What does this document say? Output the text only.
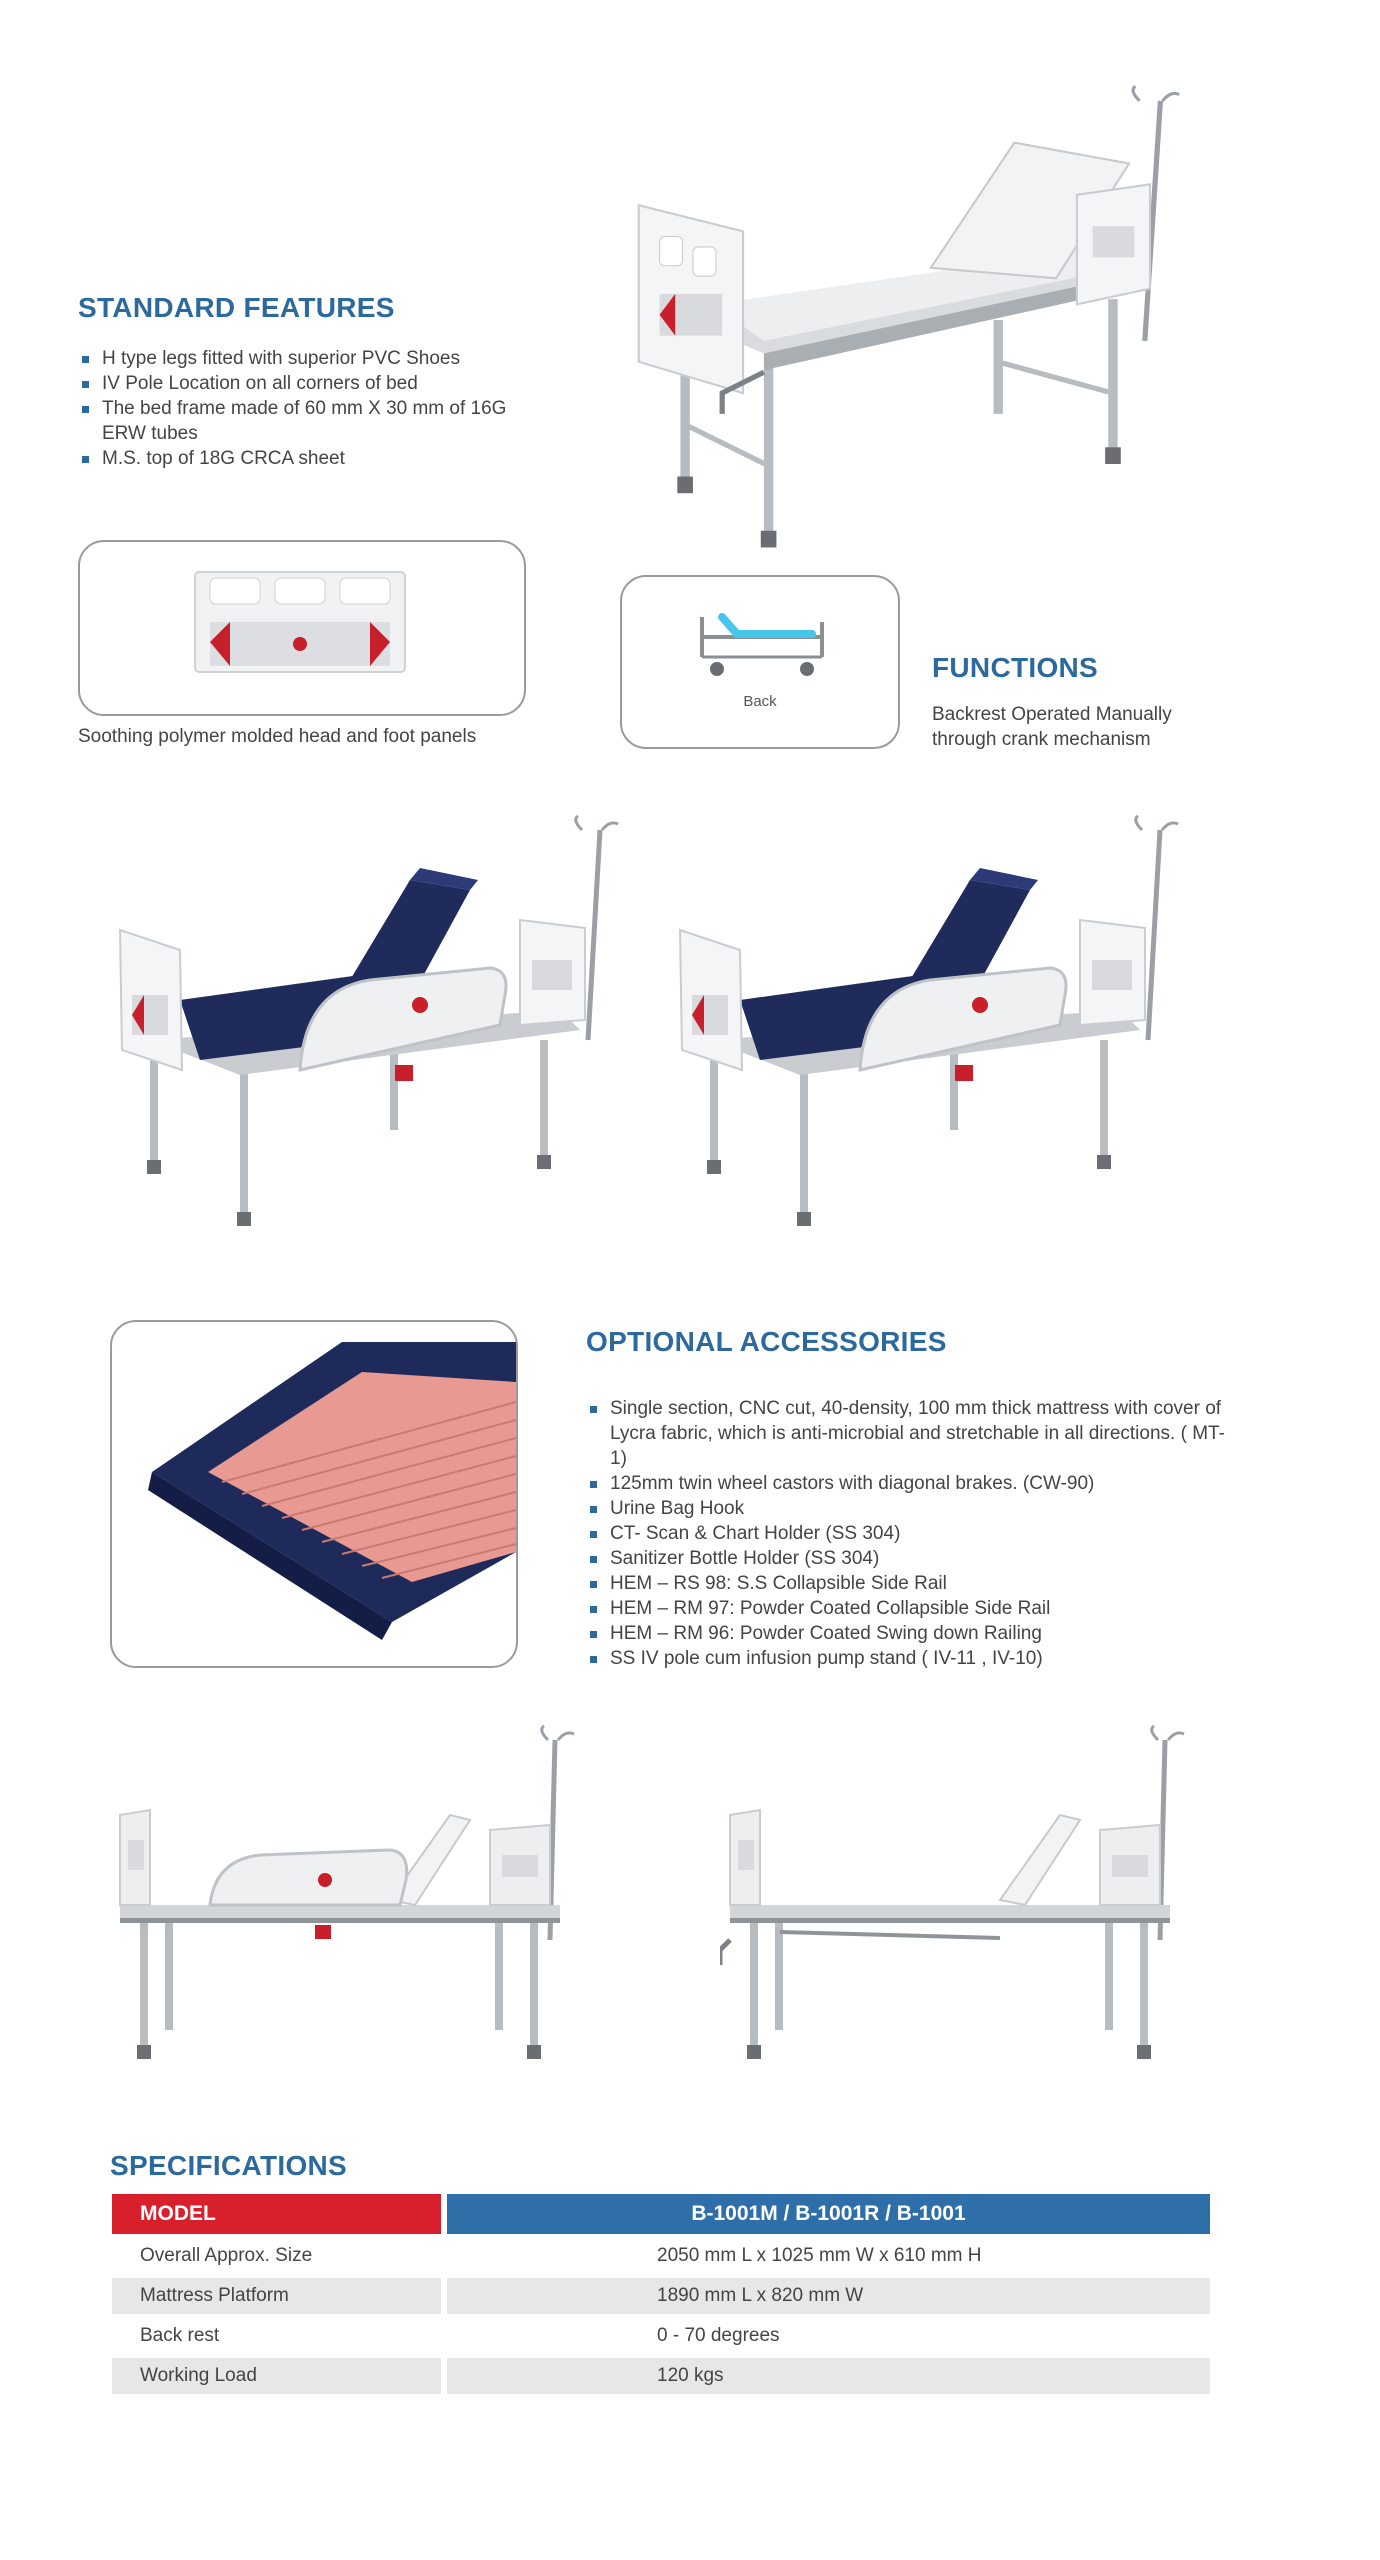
STANDARD FEATURES
H type legs fitted with superior PVC Shoes
IV Pole Location on all corners of bed
The bed frame made of 60 mm X 30 mm of 16G ERW tubes
M.S. top of 18G CRCA sheet
Soothing polymer molded head and foot panels
Back
FUNCTIONS
Backrest Operated Manually
through crank mechanism
OPTIONAL ACCESSORIES
Single section, CNC cut, 40-density, 100 mm thick mattress with cover of Lycra fabric, which is anti-microbial and stretchable in all directions. ( MT-1)
125mm twin wheel castors with diagonal brakes. (CW-90)
Urine Bag Hook
CT- Scan & Chart Holder (SS 304)
Sanitizer Bottle Holder (SS 304)
HEM – RS 98: S.S Collapsible Side Rail
HEM – RM 97: Powder Coated Collapsible Side Rail
HEM – RM 96: Powder Coated Swing down Railing
SS IV pole cum infusion pump stand ( IV-11 , IV-10)
SPECIFICATIONS
MODEL	B-1001M / B-1001R / B-1001
Overall Approx. Size	2050 mm L x 1025 mm W x 610 mm H
Mattress Platform	1890 mm L x 820 mm W
Back rest	0 - 70 degrees
Working Load	120 kgs
